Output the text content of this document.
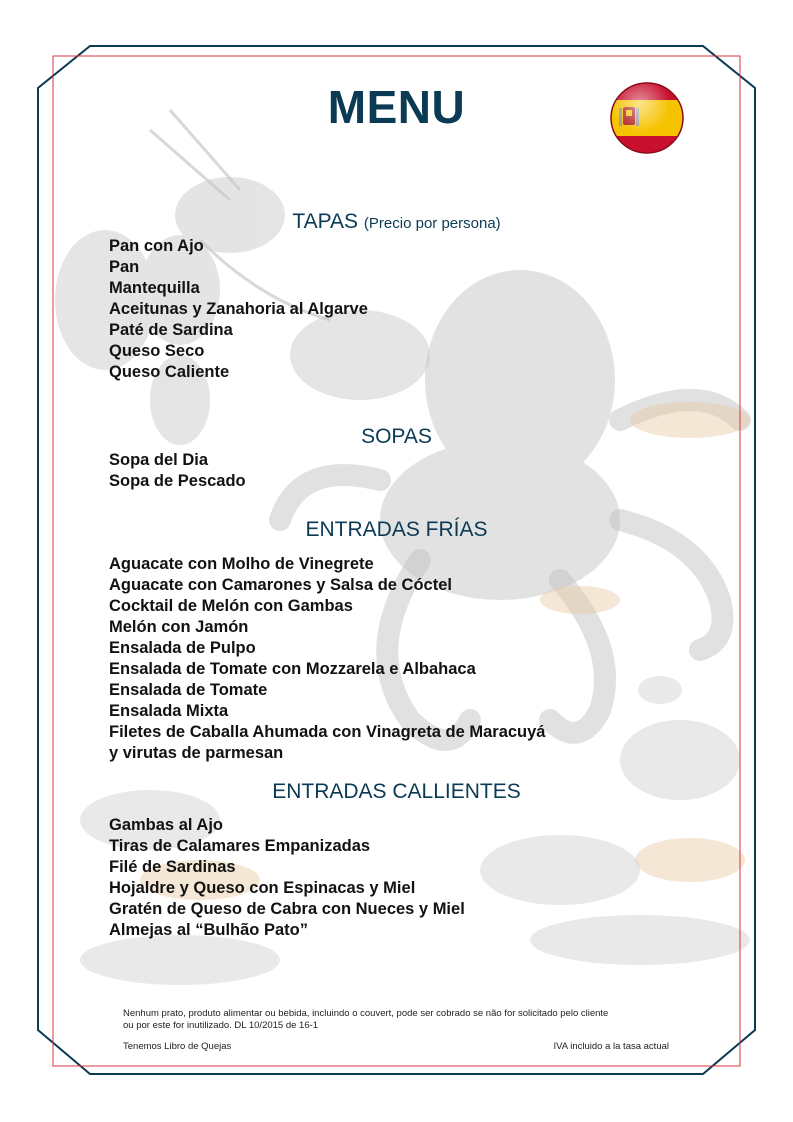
MENU
TAPAS (Precio por persona)
Pan con Ajo
Pan
Mantequilla
Aceitunas y Zanahoria al Algarve
Paté de Sardina
Queso Seco
Queso Caliente
SOPAS
Sopa del Dia
Sopa de Pescado
ENTRADAS FRÍAS
Aguacate con Molho de Vinegrete
Aguacate con Camarones y Salsa de Cóctel
Cocktail de Melón con Gambas
Melón con Jamón
Ensalada de Pulpo
Ensalada de Tomate con Mozzarela e Albahaca
Ensalada de Tomate
Ensalada Mixta
Filetes de Caballa Ahumada con Vinagreta de Maracuyá
y virutas de parmesan
ENTRADAS CALLIENTES
Gambas al Ajo
Tiras de Calamares Empanizadas
Filé de Sardinas
Hojaldre y Queso con Espinacas y Miel
Gratén de Queso de Cabra con Nueces y Miel
Almejas al “Bulhão Pato”
Nenhum prato, produto alimentar ou bebida, incluindo o couvert, pode ser cobrado se não for solicitado pelo cliente
ou por este for inutilizado. DL 10/2015 de 16-1
Tenemos Libro de Quejas	IVA incluido a la tasa actual
